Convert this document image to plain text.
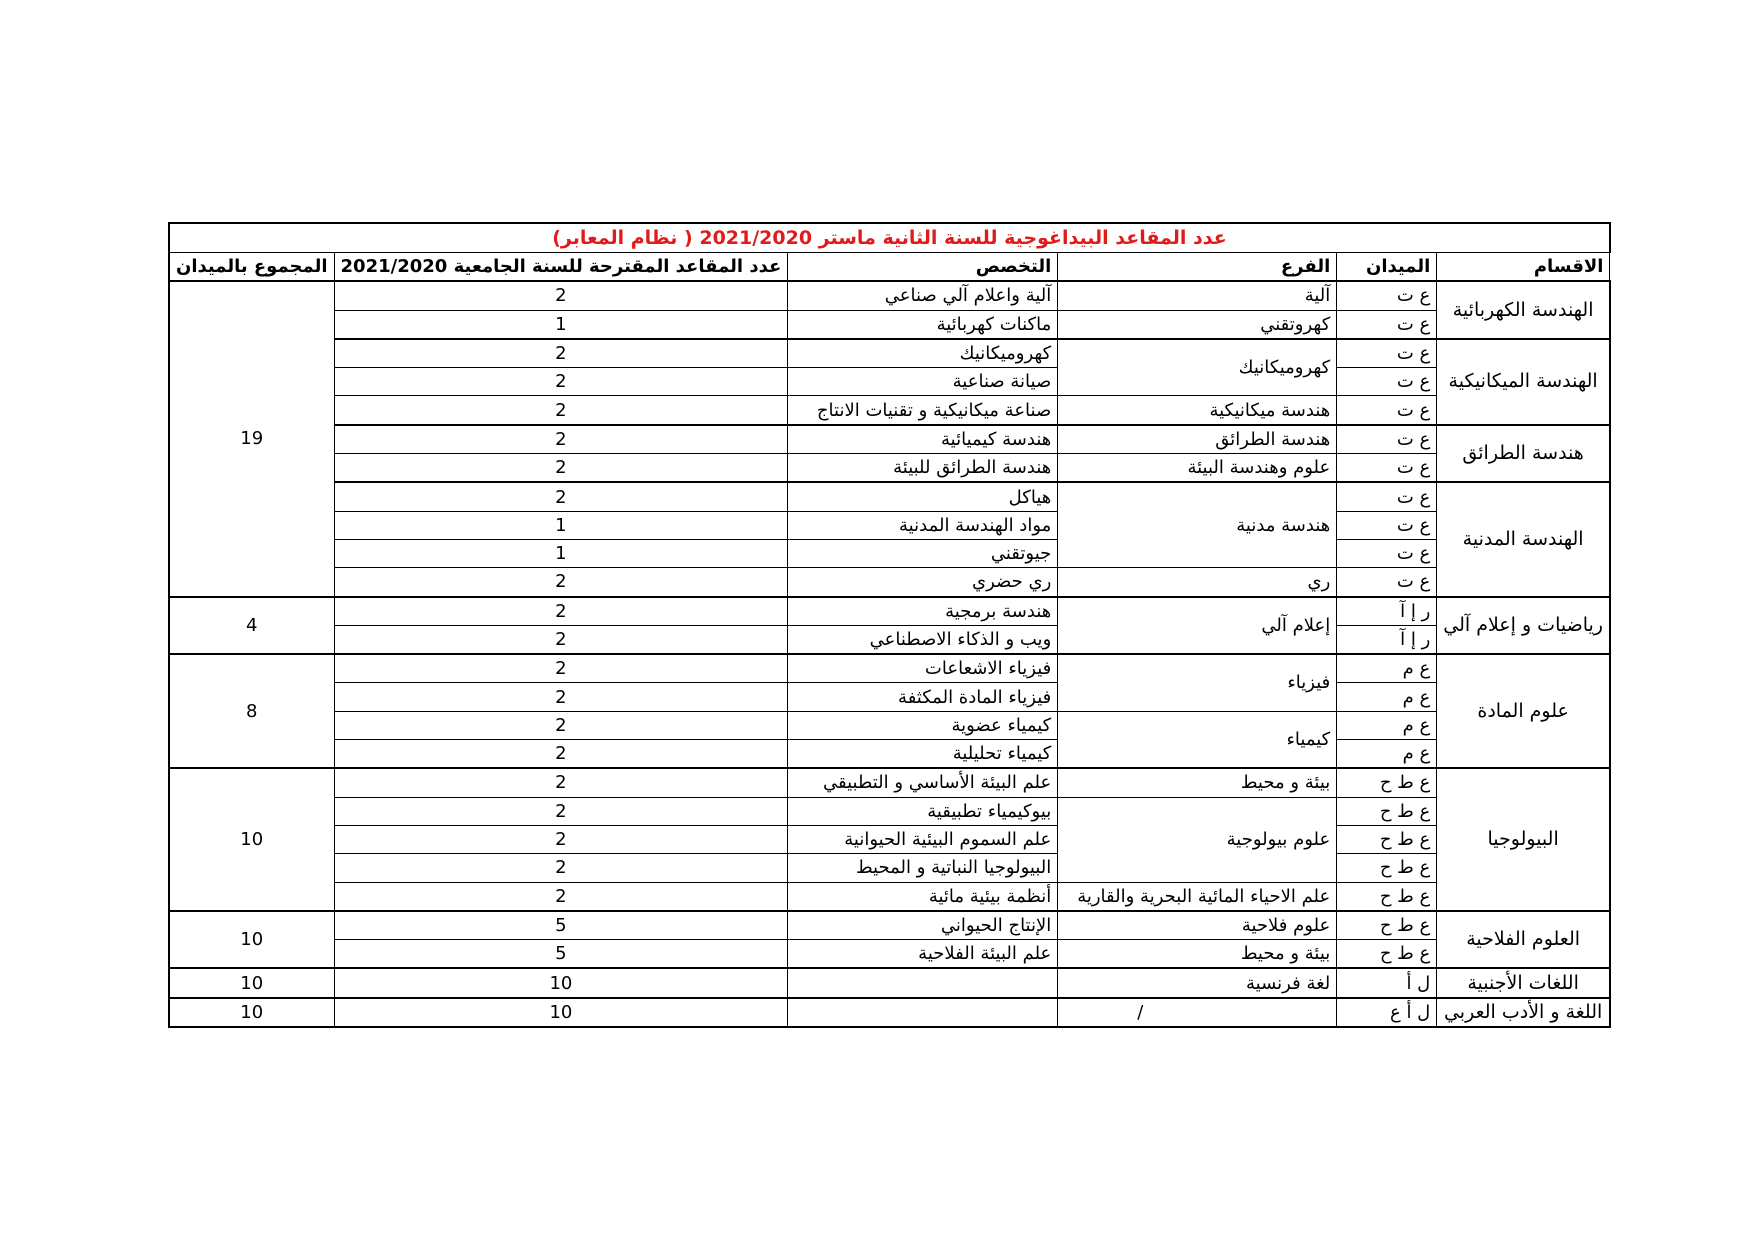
عدد المقاعد البيداغوجية للسنة الثانية ماستر 2021/2020 ( نظام المعابر)					
الاقسام	الميدان	الفرع	التخصص	عدد المقاعد المقترحة للسنة الجامعية 2021/2020	المجموع بالميدان
الهندسة الكهربائية	ع ت	آلية	آلية واعلام آلي صناعي	2	19
	ع ت	كهروتقني	ماكنات كهربائية	1	
الهندسة الميكانيكية	ع ت	كهروميكانيك	كهروميكانيك	2	
	ع ت		صيانة صناعية	2	
	ع ت	هندسة ميكانيكية	صناعة ميكانيكية و تقنيات الانتاج	2	
هندسة الطرائق	ع ت	هندسة الطرائق	هندسة كيميائية	2	
	ع ت	علوم وهندسة البيئة	هندسة الطرائق للبيئة	2	
الهندسة المدنية	ع ت	هندسة مدنية	هياكل	2	
	ع ت		مواد الهندسة المدنية	1	
	ع ت		جيوتقني	1	
	ع ت	ري	ري حضري	2	
رياضيات و إعلام آلي	ر إ آ	إعلام آلي	هندسة برمجية	2	4
	ر إ آ		ويب و الذكاء الاصطناعي	2	
علوم المادة	ع م	فيزياء	فيزياء الاشعاعات	2	8
	ع م		فيزياء المادة المكثفة	2	
	ع م	كيمياء	كيمياء عضوية	2	
	ع م		كيمياء تحليلية	2	
البيولوجيا	ع ط ح	بيئة و محيط	علم البيئة الأساسي و التطبيقي	2	10
	ع ط ح	علوم بيولوجية	بيوكيمياء تطبيقية	2	
	ع ط ح		علم السموم البيئية الحيوانية	2	
	ع ط ح		البيولوجيا النباتية و المحيط	2	
	ع ط ح	علم الاحياء المائية البحرية والقارية	أنظمة بيئية مائية	2	
العلوم الفلاحية	ع ط ح	علوم فلاحية	الإنتاج الحيواني	5	10
	ع ط ح	بيئة و محيط	علم البيئة الفلاحية	5	
اللغات الأجنبية	ل أ	لغة فرنسية		10	10
اللغة و الأدب العربي	ل أ ع	/		10	10
